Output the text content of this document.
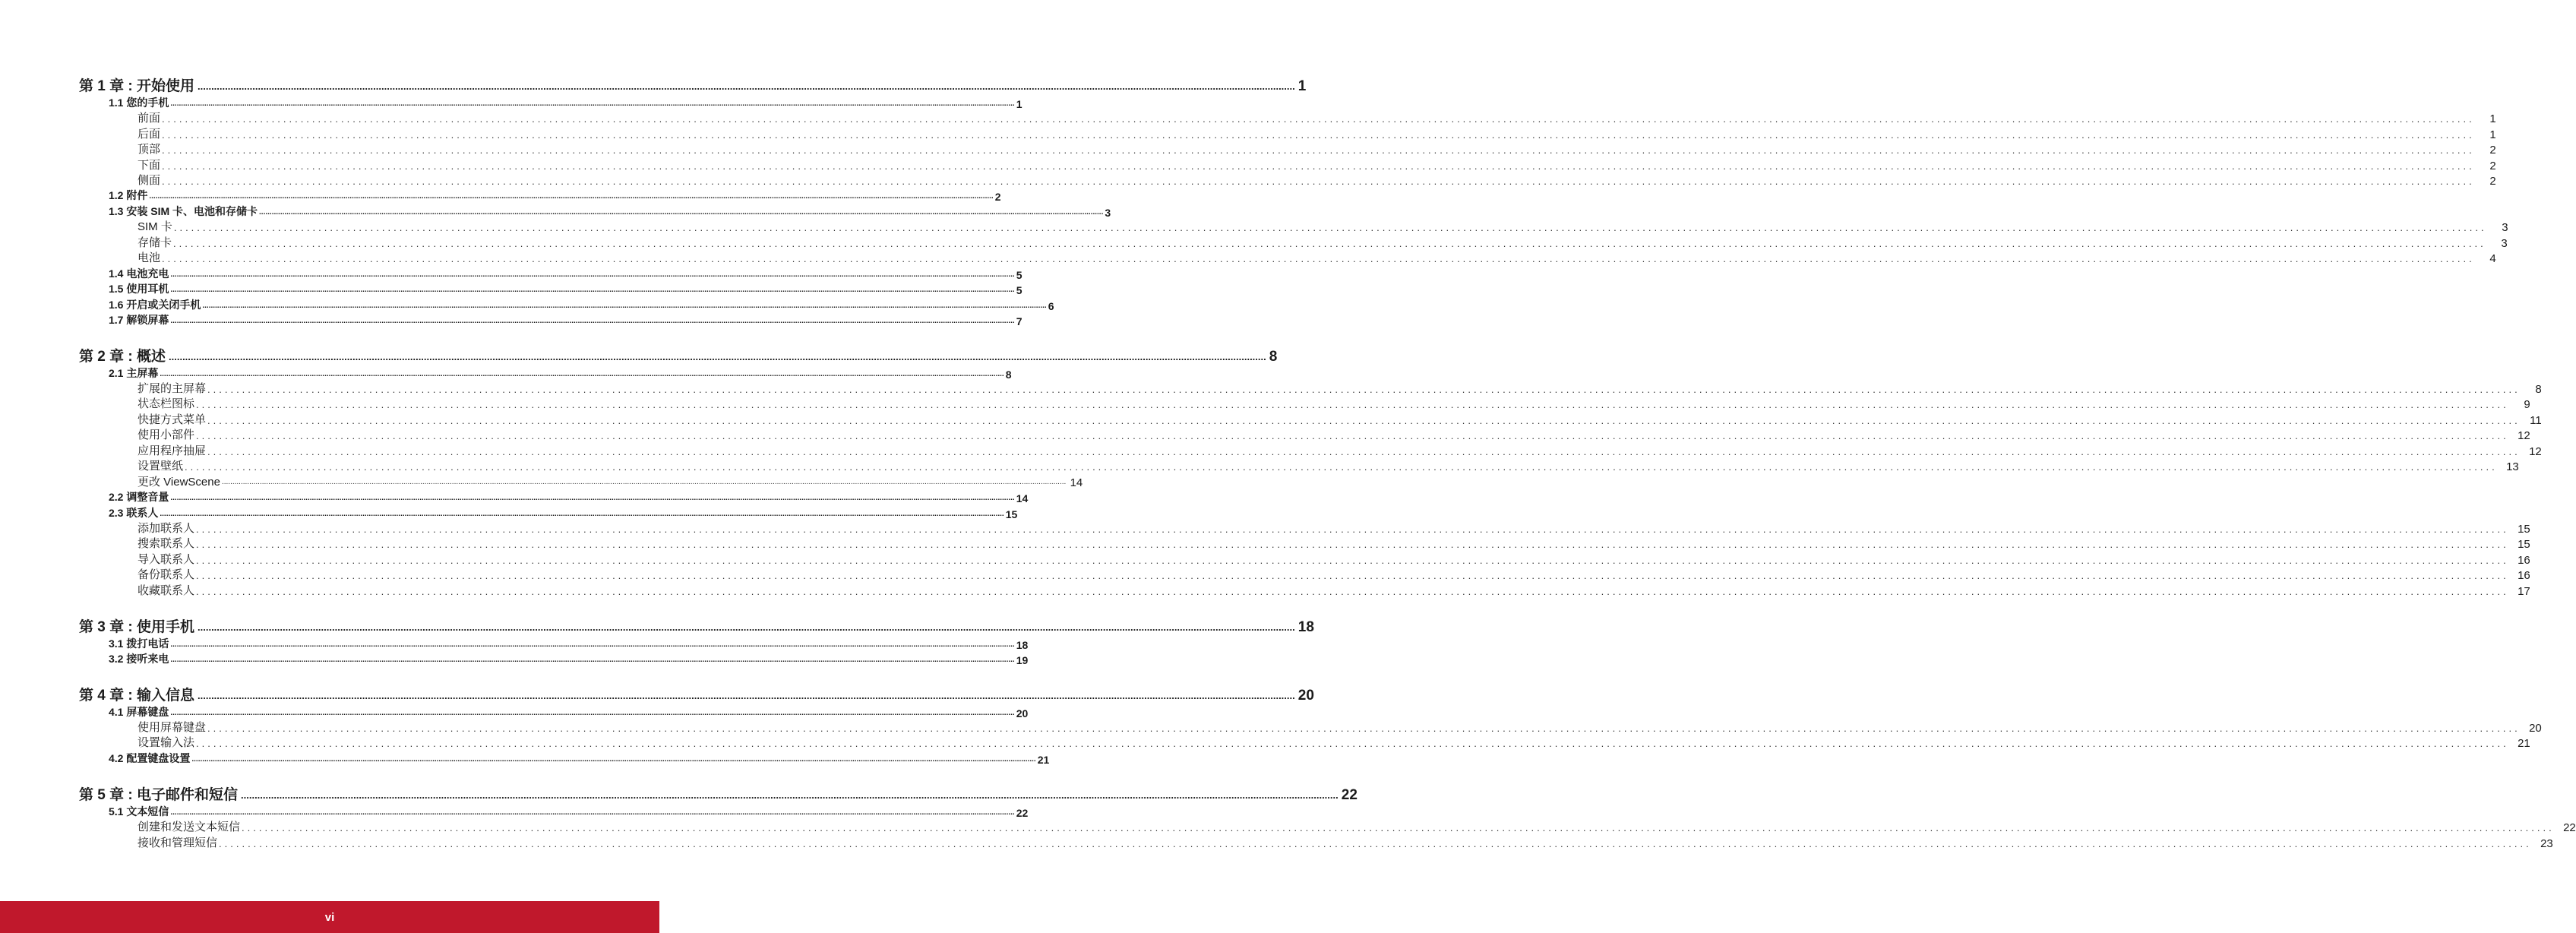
第 1 章 : 开始使用 ................................................................................................................................................................................................................................................................................................................................................................................................................ 1
1.1 您的手机 ................................................................................................................................................................................................................................................................................................................................................................................................................ 1
前面 ................................................................................................................................................................................................................................................................................................................................................................................................................	1
后面 ................................................................................................................................................................................................................................................................................................................................................................................................................	1
顶部 ................................................................................................................................................................................................................................................................................................................................................................................................................	2
下面 ................................................................................................................................................................................................................................................................................................................................................................................................................	2
侧面 ................................................................................................................................................................................................................................................................................................................................................................................................................	2
1.2 附件 ................................................................................................................................................................................................................................................................................................................................................................................................................ 2
1.3 安装 SIM 卡、电池和存储卡 ................................................................................................................................................................................................................................................................................................................................................................................................................ 3
SIM 卡 ................................................................................................................................................................................................................................................................................................................................................................................................................	3
存储卡 ................................................................................................................................................................................................................................................................................................................................................................................................................	3
电池 ................................................................................................................................................................................................................................................................................................................................................................................................................	4
1.4 电池充电 ................................................................................................................................................................................................................................................................................................................................................................................................................ 5
1.5 使用耳机 ................................................................................................................................................................................................................................................................................................................................................................................................................ 5
1.6 开启或关闭手机 ................................................................................................................................................................................................................................................................................................................................................................................................................ 6
1.7 解锁屏幕 ................................................................................................................................................................................................................................................................................................................................................................................................................ 7
第 2 章 : 概述 ................................................................................................................................................................................................................................................................................................................................................................................................................ 8
2.1 主屏幕 ................................................................................................................................................................................................................................................................................................................................................................................................................ 8
扩展的主屏幕 ................................................................................................................................................................................................................................................................................................................................................................................................................	8
状态栏图标 ................................................................................................................................................................................................................................................................................................................................................................................................................	9
快捷方式菜单 ................................................................................................................................................................................................................................................................................................................................................................................................................ 11
使用小部件 ................................................................................................................................................................................................................................................................................................................................................................................................................ 12
应用程序抽屉 ................................................................................................................................................................................................................................................................................................................................................................................................................ 12
设置壁纸 ................................................................................................................................................................................................................................................................................................................................................................................................................ 13
更改 ViewScene ................................................................................................................................................................................................................................................................................................................................................................................................................ 14
2.2 调整音量 ................................................................................................................................................................................................................................................................................................................................................................................................................ 14
2.3 联系人 ................................................................................................................................................................................................................................................................................................................................................................................................................ 15
添加联系人 ................................................................................................................................................................................................................................................................................................................................................................................................................ 15
搜索联系人 ................................................................................................................................................................................................................................................................................................................................................................................................................ 15
导入联系人 ................................................................................................................................................................................................................................................................................................................................................................................................................ 16
备份联系人 ................................................................................................................................................................................................................................................................................................................................................................................................................ 16
收藏联系人 ................................................................................................................................................................................................................................................................................................................................................................................................................ 17
第 3 章 : 使用手机 ................................................................................................................................................................................................................................................................................................................................................................................................................ 18
3.1 拨打电话 ................................................................................................................................................................................................................................................................................................................................................................................................................ 18
3.2 接听来电 ................................................................................................................................................................................................................................................................................................................................................................................................................ 19
第 4 章 : 输入信息 ................................................................................................................................................................................................................................................................................................................................................................................................................ 20
4.1 屏幕键盘 ................................................................................................................................................................................................................................................................................................................................................................................................................ 20
使用屏幕键盘 ................................................................................................................................................................................................................................................................................................................................................................................................................ 20
设置输入法 ................................................................................................................................................................................................................................................................................................................................................................................................................ 21
4.2 配置键盘设置 ................................................................................................................................................................................................................................................................................................................................................................................................................ 21
第 5 章 : 电子邮件和短信 ................................................................................................................................................................................................................................................................................................................................................................................................................ 22
5.1 文本短信 ................................................................................................................................................................................................................................................................................................................................................................................................................ 22
创建和发送文本短信 ................................................................................................................................................................................................................................................................................................................................................................................................................ 22
接收和管理短信 ................................................................................................................................................................................................................................................................................................................................................................................................................ 23
vi
